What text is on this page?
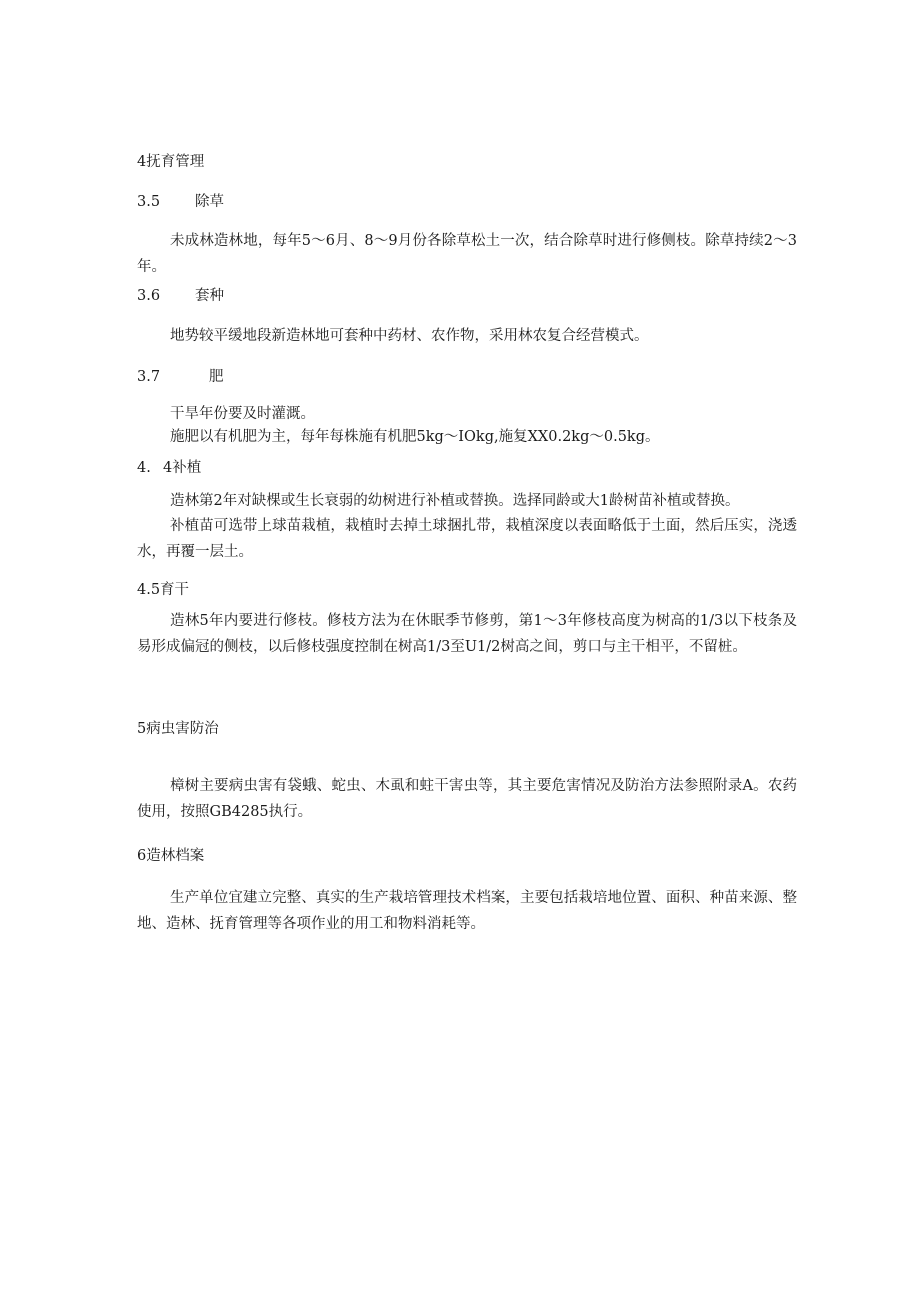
4抚育管理
3.5 除草
未成林造林地，每年5～6月、8～9月份各除草松土一次，结合除草时进行修侧枝。除草持续2～3年。
3.6 套种
地势较平缓地段新造林地可套种中药材、农作物，采用林农复合经营模式。
3.7	肥
干旱年份要及时灌溉。
施肥以有机肥为主，每年每株施有机肥5kg～IOkg,施复XX0.2kg～0.5kg。
4. 4补植
造林第2年对缺棵或生长衰弱的幼树进行补植或替换。选择同龄或大1龄树苗补植或替换。
补植苗可选带上球苗栽植，栽植时去掉土球捆扎带，栽植深度以表面略低于土面，然后压实，浇透水，再覆一层土。
4.5育干
造林5年内要进行修枝。修枝方法为在休眠季节修剪，第1～3年修枝高度为树高的1/3以下枝条及易形成偏冠的侧枝，以后修枝强度控制在树高1/3至U1/2树高之间，剪口与主干相平，不留桩。
5病虫害防治
樟树主要病虫害有袋蛾、蛇虫、木虱和蛀干害虫等，其主要危害情况及防治方法参照附录A。农药使用，按照GB4285执行。
6造林档案
生产单位宜建立完整、真实的生产栽培管理技术档案，主要包括栽培地位置、面积、种苗来源、整地、造林、抚育管理等各项作业的用工和物料消耗等。
